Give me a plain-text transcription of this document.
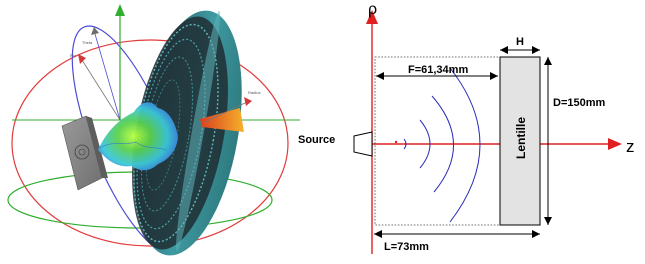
Theta
Phi
Radius
ρ
z
Lentille
Source
F=61,34mm
H
D=150mm
L=73mm
